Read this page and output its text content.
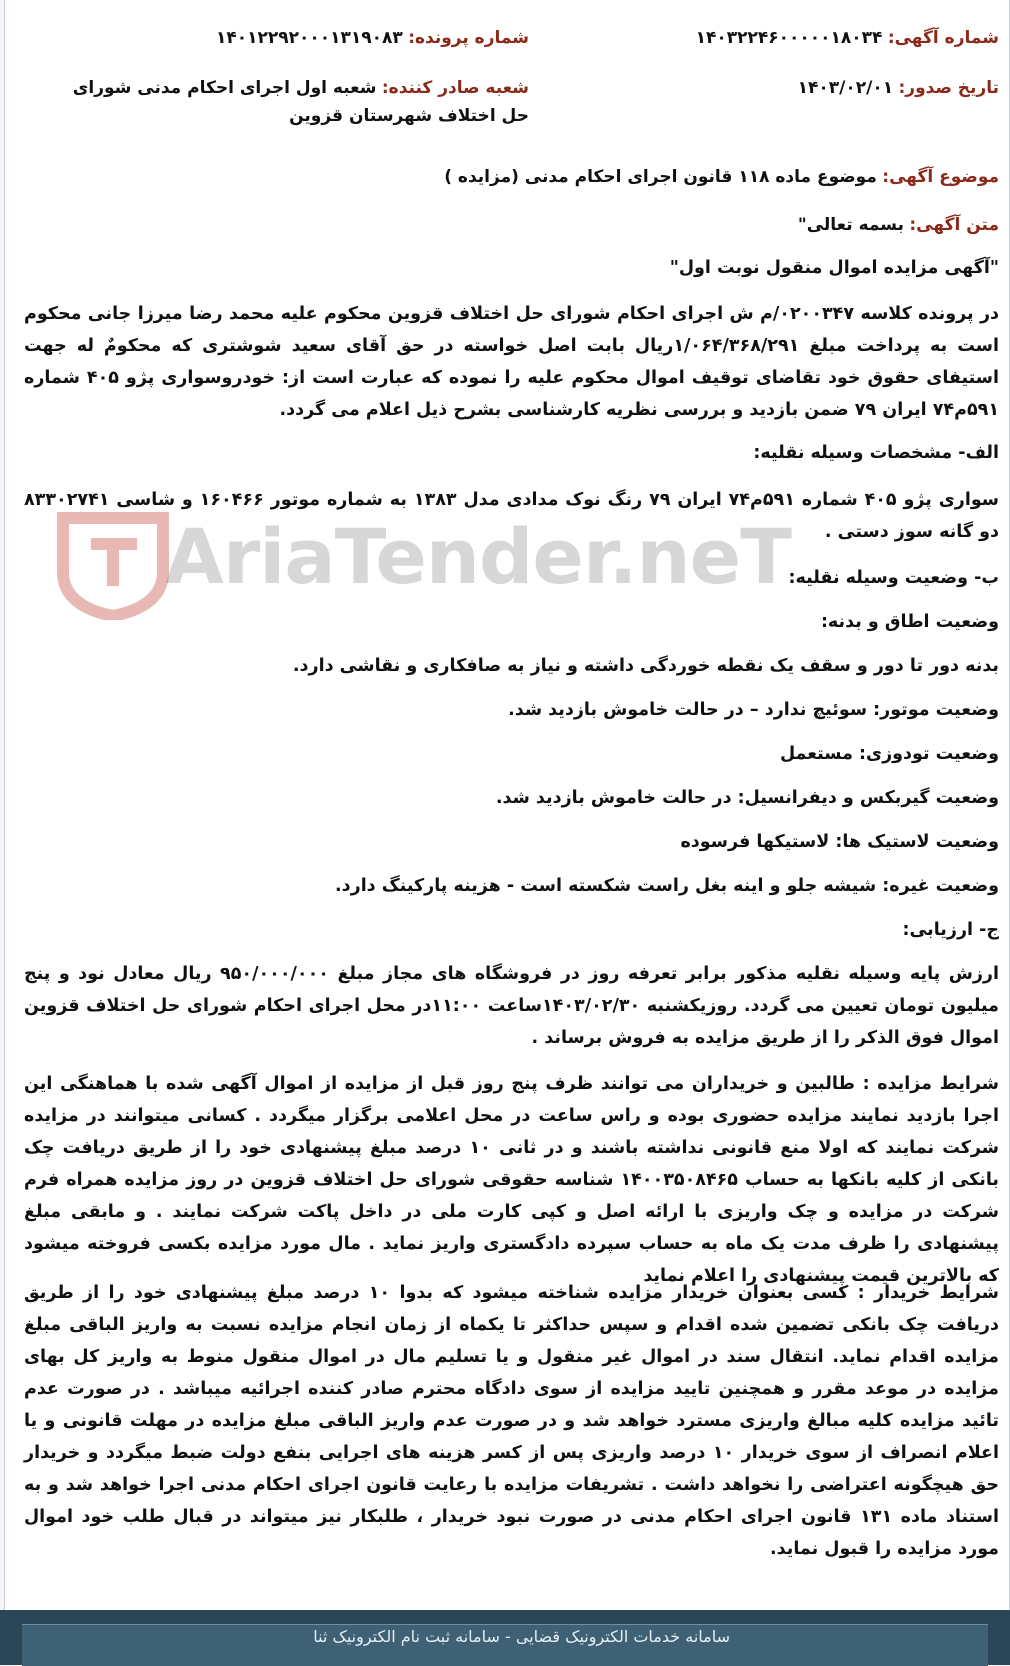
شماره آگهی: ۱۴۰۳۲۲۴۶۰۰۰۰۰۱۸۰۳۴
شماره پرونده: ۱۴۰۱۲۲۹۲۰۰۰۱۳۱۹۰۸۳
تاریخ صدور: ۱۴۰۳/۰۲/۰۱
شعبه صادر کننده: شعبه اول اجرای احکام مدنی شورای حل اختلاف شهرستان قزوین
موضوع آگهی: موضوع ماده ۱۱۸ قانون اجرای احکام مدنی (مزایده )
متن آگهی: بسمه تعالی"
"آگهی مزایده اموال منقول نوبت اول"
در پرونده کلاسه ۰۲۰۰۳۴۷/م ش اجرای احکام شورای حل اختلاف قزوین محکوم علیه محمد رضا میرزا جانی محکوم است به پرداخت مبلغ ۱/۰۶۴/۳۶۸/۲۹۱ریال بابت اصل خواسته در حق آقای سعید شوشتری که محکومٌ له جهت استیفای حقوق خود تقاضای توقیف اموال محکوم علیه را نموده که عبارت است از: خودروسواری پژو ۴۰۵ شماره ۵۹۱م۷۴ ایران ۷۹ ضمن بازدید و بررسی نظریه کارشناسی بشرح ذیل اعلام می گردد.
الف- مشخصات وسیله نقلیه:
سواری پژو ۴۰۵ شماره ۵۹۱م۷۴ ایران ۷۹ رنگ نوک مدادی مدل ۱۳۸۳ به شماره موتور ۱۶۰۴۶۶ و شاسی ۸۳۳۰۲۷۴۱ دو گانه سوز دستی .
ب- وضعیت وسیله نقلیه:
وضعیت اطاق و بدنه:
بدنه دور تا دور و سقف یک نقطه خوردگی داشته و نیاز به صافکاری و نقاشی دارد.
وضعیت موتور: سوئیچ ندارد – در حالت خاموش بازدید شد.
وضعیت تودوزی: مستعمل
وضعیت گیربکس و دیفرانسیل: در حالت خاموش بازدید شد.
وضعیت لاستیک ها: لاستیکها فرسوده
وضعیت غیره: شیشه جلو و اینه بغل راست شکسته است - هزینه پارکینگ دارد.
ج- ارزیابی:
ارزش پایه وسیله نقلیه مذکور برابر تعرفه روز در فروشگاه های مجاز مبلغ ۹۵۰/۰۰۰/۰۰۰ ریال معادل نود و پنج میلیون تومان تعیین می گردد. روزیکشنبه ۱۴۰۳/۰۲/۳۰ساعت ۱۱:۰۰در محل اجرای احکام شورای حل اختلاف قزوین اموال فوق الذکر را از طریق مزایده به فروش برساند .
شرایط مزایده : طالبین و خریداران می توانند ظرف پنج روز قبل از مزایده از اموال آگهی شده با هماهنگی این اجرا بازدید نمایند مزایده حضوری بوده و راس ساعت در محل اعلامی برگزار میگردد . کسانی میتوانند در مزایده شرکت نمایند که اولا منع قانونی نداشته باشند و در ثانی ۱۰ درصد مبلغ پیشنهادی خود را از طریق دریافت چک بانکی از کلیه بانکها به حساب ۱۴۰۰۳۵۰۸۴۶۵ شناسه حقوقی شورای حل اختلاف قزوین در روز مزایده همراه فرم شرکت در مزایده و چک واریزی با ارائه اصل و کپی کارت ملی در داخل پاکت شرکت نمایند . و مابقی مبلغ پیشنهادی را ظرف مدت یک ماه به حساب سپرده دادگستری واریز نماید . مال مورد مزایده بکسی فروخته میشود که بالاترین قیمت پیشنهادی را اعلام نماید
شرایط خریدار : کسی بعنوان خریدار مزایده شناخته میشود که بدوا ۱۰ درصد مبلغ پیشنهادی خود را از طریق دریافت چک بانکی تضمین شده اقدام و سپس حداکثر تا یکماه از زمان انجام مزایده نسبت به واریز الباقی مبلغ مزایده اقدام نماید. انتقال سند در اموال غیر منقول و یا تسلیم مال در اموال منقول منوط به واریز کل بهای مزایده در موعد مقرر و همچنین تایید مزایده از سوی دادگاه محترم صادر کننده اجرائیه میباشد . در صورت عدم تائید مزایده کلیه مبالغ واریزی مسترد خواهد شد و در صورت عدم واریز الباقی مبلغ مزایده در مهلت قانونی و یا اعلام انصراف از سوی خریدار ۱۰ درصد واریزی پس از کسر هزینه های اجرایی بنفع دولت ضبط میگردد و خریدار حق هیچگونه اعتراضی را نخواهد داشت . تشریفات مزایده با رعایت قانون اجرای احکام مدنی اجرا خواهد شد و به استناد ماده ۱۳۱ قانون اجرای احکام مدنی در صورت نبود خریدار ، طلبکار نیز میتواند در قبال طلب خود اموال مورد مزایده را قبول نماید.
AriaTender.neT
سامانه خدمات الکترونیک قضایی - سامانه ثبت نام الکترونیک ثنا
